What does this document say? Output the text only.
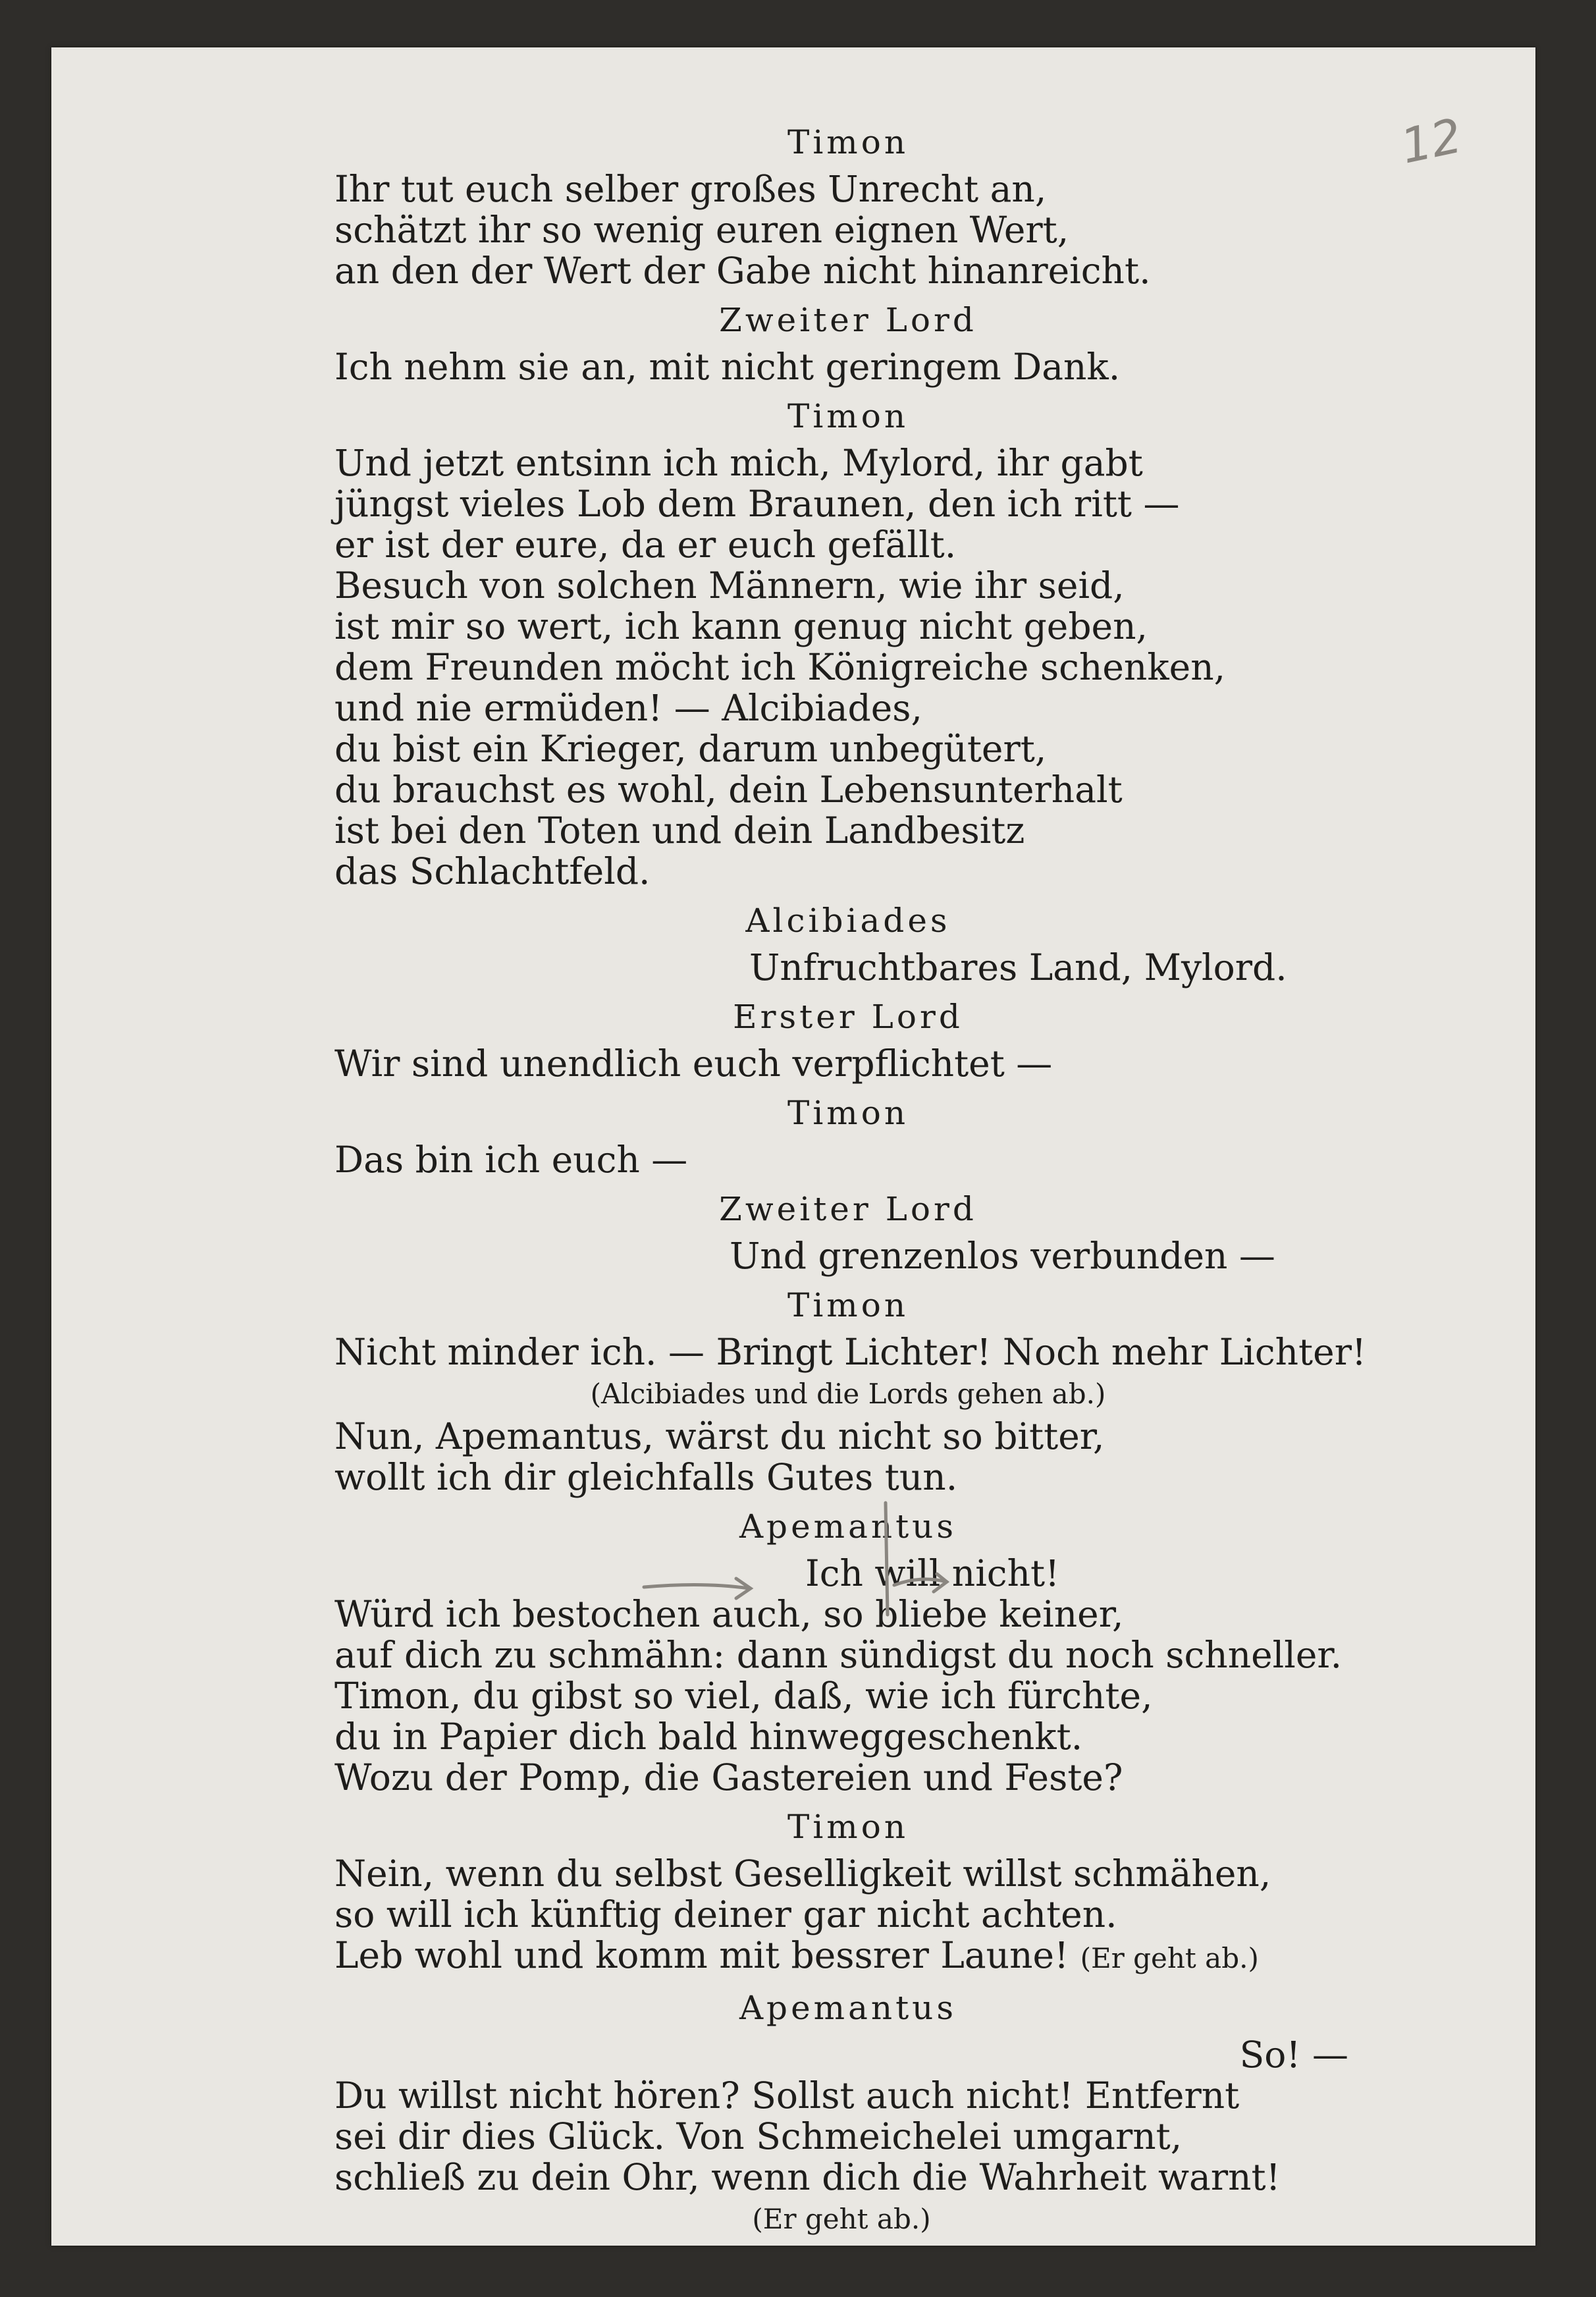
12
Timon
Ihr tut euch selber großes Unrecht an,
schätzt ihr so wenig euren eignen Wert,
an den der Wert der Gabe nicht hinanreicht.
Zweiter Lord
Ich nehm sie an, mit nicht geringem Dank.
Timon
Und jetzt entsinn ich mich, Mylord, ihr gabt
jüngst vieles Lob dem Braunen, den ich ritt —
er ist der eure, da er euch gefällt.
Besuch von solchen Männern, wie ihr seid,
ist mir so wert, ich kann genug nicht geben,
dem Freunden möcht ich Königreiche schenken,
und nie ermüden! — Alcibiades,
du bist ein Krieger, darum unbegütert,
du brauchst es wohl, dein Lebensunterhalt
ist bei den Toten und dein Landbesitz
das Schlachtfeld.
Alcibiades
Unfruchtbares Land, Mylord.
Erster Lord
Wir sind unendlich euch verpflichtet —
Timon
Das bin ich euch —
Zweiter Lord
Und grenzenlos verbunden —
Timon
Nicht minder ich. — Bringt Lichter! Noch mehr Lichter!
(Alcibiades und die Lords gehen ab.)
Nun, Apemantus, wärst du nicht so bitter,
wollt ich dir gleichfalls Gutes tun.
Apemantus
Ich will nicht!
Würd ich bestochen auch, so bliebe keiner,
auf dich zu schmähn: dann sündigst du noch schneller.
Timon, du gibst so viel, daß, wie ich fürchte,
du in Papier dich bald hinweggeschenkt.
Wozu der Pomp, die Gastereien und Feste?
Timon
Nein, wenn du selbst Geselligkeit willst schmähen,
so will ich künftig deiner gar nicht achten.
Leb wohl und komm mit bessrer Laune! (Er geht ab.)
Apemantus
So! —
Du willst nicht hören? Sollst auch nicht! Entfernt
sei dir dies Glück. Von Schmeichelei umgarnt,
schließ zu dein Ohr, wenn dich die Wahrheit warnt!
(Er geht ab.)
